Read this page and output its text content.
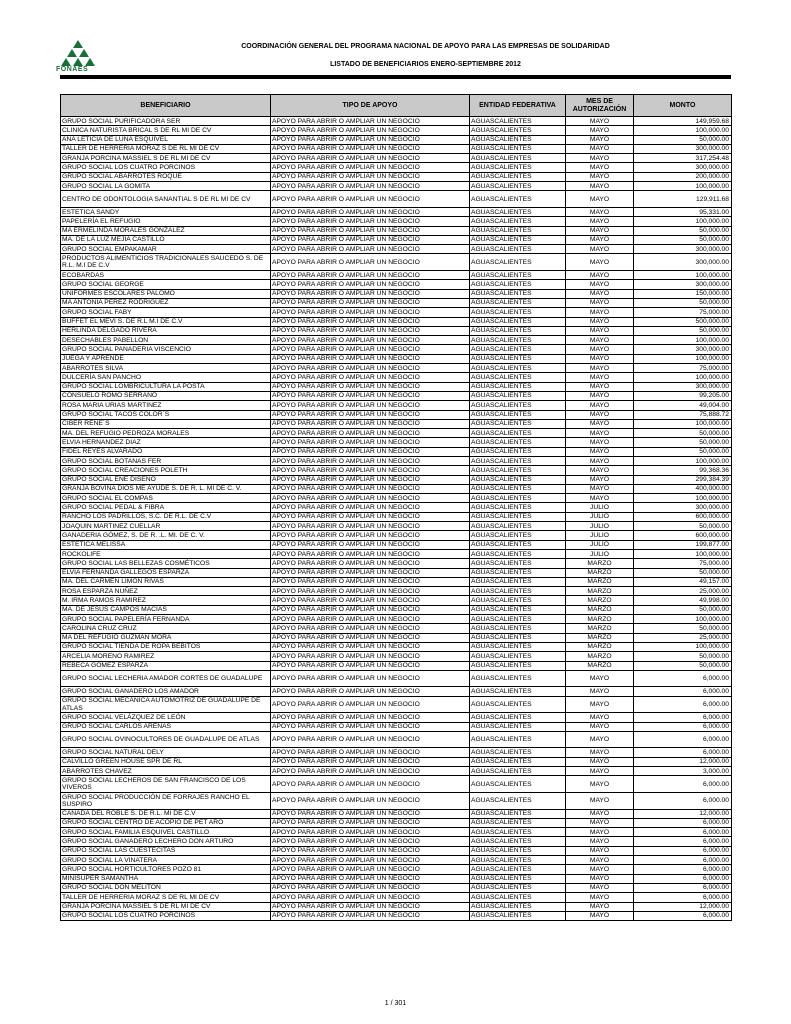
FONAES
COORDINACIÓN GENERAL DEL PROGRAMA NACIONAL DE APOYO PARA LAS EMPRESAS DE SOLIDARIDAD
LISTADO DE BENEFICIARIOS ENERO-SEPTIEMBRE 2012
BENEFICIARIO	TIPO DE APOYO	ENTIDAD FEDERATIVA	MES DE AUTORIZACIÓN	MONTO
GRUPO SOCIAL PURIFICADORA SER	APOYO PARA ABRIR O AMPLIAR UN NEGOCIO	AGUASCALIENTES	MAYO	149,959.68
CLINICA NATURISTA BRICAL S DE RL MI DE CV	APOYO PARA ABRIR O AMPLIAR UN NEGOCIO	AGUASCALIENTES	MAYO	100,000.00
ANA LETICIA DE LUNA ESQUIVEL	APOYO PARA ABRIR O AMPLIAR UN NEGOCIO	AGUASCALIENTES	MAYO	50,000.00
TALLER DE HERRERIA MORAZ S DE RL MI DE CV	APOYO PARA ABRIR O AMPLIAR UN NEGOCIO	AGUASCALIENTES	MAYO	300,000.00
GRANJA PORCINA MASSIEL S DE RL MI DE CV	APOYO PARA ABRIR O AMPLIAR UN NEGOCIO	AGUASCALIENTES	MAYO	317,254.48
GRUPO SOCIAL LOS CUATRO PORCINOS	APOYO PARA ABRIR O AMPLIAR UN NEGOCIO	AGUASCALIENTES	MAYO	300,000.00
GRUPO SOCIAL ABARROTES ROQUE	APOYO PARA ABRIR O AMPLIAR UN NEGOCIO	AGUASCALIENTES	MAYO	200,000.00
GRUPO SOCIAL LA GOMITA	APOYO PARA ABRIR O AMPLIAR UN NEGOCIO	AGUASCALIENTES	MAYO	100,000.00
CENTRO DE ODONTOLOGIA SANANTIAL S DE RL MI DE CV	APOYO PARA ABRIR O AMPLIAR UN NEGOCIO	AGUASCALIENTES	MAYO	129,911.68
ESTETICA SANDY	APOYO PARA ABRIR O AMPLIAR UN NEGOCIO	AGUASCALIENTES	MAYO	95,331.00
PAPELERÍA EL REFUGIO	APOYO PARA ABRIR O AMPLIAR UN NEGOCIO	AGUASCALIENTES	MAYO	100,000.00
MA ERMELINDA MORALES GONZALEZ	APOYO PARA ABRIR O AMPLIAR UN NEGOCIO	AGUASCALIENTES	MAYO	50,000.00
MA. DE LA LUZ MEJIA CASTILLO	APOYO PARA ABRIR O AMPLIAR UN NEGOCIO	AGUASCALIENTES	MAYO	50,000.00
GRUPO SOCIAL EMPAKAMAR	APOYO PARA ABRIR O AMPLIAR UN NEGOCIO	AGUASCALIENTES	MAYO	300,000.00
PRODUCTOS ALIMENTICIOS TRADICIONALES SAUCEDO S. DE R.L. M.I DE C.V	APOYO PARA ABRIR O AMPLIAR UN NEGOCIO	AGUASCALIENTES	MAYO	300,000.00
ECOBARDAS	APOYO PARA ABRIR O AMPLIAR UN NEGOCIO	AGUASCALIENTES	MAYO	100,000.00
GRUPO SOCIAL GEORGE	APOYO PARA ABRIR O AMPLIAR UN NEGOCIO	AGUASCALIENTES	MAYO	300,000.00
UNIFORMES ESCOLARES PALOMO	APOYO PARA ABRIR O AMPLIAR UN NEGOCIO	AGUASCALIENTES	MAYO	150,000.00
MA ANTONIA PEREZ RODRIGUEZ	APOYO PARA ABRIR O AMPLIAR UN NEGOCIO	AGUASCALIENTES	MAYO	50,000.00
GRUPO SOCIAL FABY	APOYO PARA ABRIR O AMPLIAR UN NEGOCIO	AGUASCALIENTES	MAYO	75,000.00
BUFFET EL MEVI S. DE R.L M.I DE C.V	APOYO PARA ABRIR O AMPLIAR UN NEGOCIO	AGUASCALIENTES	MAYO	500,000.00
HERLINDA DELGADO RIVERA	APOYO PARA ABRIR O AMPLIAR UN NEGOCIO	AGUASCALIENTES	MAYO	50,000.00
DESECHABLES PABELLON	APOYO PARA ABRIR O AMPLIAR UN NEGOCIO	AGUASCALIENTES	MAYO	100,000.00
GRUPO SOCIAL PANADERIA VISCENCIO	APOYO PARA ABRIR O AMPLIAR UN NEGOCIO	AGUASCALIENTES	MAYO	300,000.00
JUEGA Y APRENDE	APOYO PARA ABRIR O AMPLIAR UN NEGOCIO	AGUASCALIENTES	MAYO	100,000.00
ABARROTES SILVA	APOYO PARA ABRIR O AMPLIAR UN NEGOCIO	AGUASCALIENTES	MAYO	75,000.00
DULCERÍA SAN PANCHO	APOYO PARA ABRIR O AMPLIAR UN NEGOCIO	AGUASCALIENTES	MAYO	100,000.00
GRUPO SOCIAL LOMBRICULTURA LA POSTA	APOYO PARA ABRIR O AMPLIAR UN NEGOCIO	AGUASCALIENTES	MAYO	300,000.00
CONSUELO ROMO SERRANO	APOYO PARA ABRIR O AMPLIAR UN NEGOCIO	AGUASCALIENTES	MAYO	99,205.00
ROSA MARIA URIAS MARTINEZ	APOYO PARA ABRIR O AMPLIAR UN NEGOCIO	AGUASCALIENTES	MAYO	49,004.00
GRUPO SOCIAL TACOS COLOR´S	APOYO PARA ABRIR O AMPLIAR UN NEGOCIO	AGUASCALIENTES	MAYO	75,888.72
CIBER RENE´S	APOYO PARA ABRIR O AMPLIAR UN NEGOCIO	AGUASCALIENTES	MAYO	100,000.00
MA. DEL REFUGIO PEDROZA MORALES	APOYO PARA ABRIR O AMPLIAR UN NEGOCIO	AGUASCALIENTES	MAYO	50,000.00
ELVIA HERNANDEZ DIAZ	APOYO PARA ABRIR O AMPLIAR UN NEGOCIO	AGUASCALIENTES	MAYO	50,000.00
FIDEL REYES ALVARADO	APOYO PARA ABRIR O AMPLIAR UN NEGOCIO	AGUASCALIENTES	MAYO	50,000.00
GRUPO SOCIAL BOTANAS FER	APOYO PARA ABRIR O AMPLIAR UN NEGOCIO	AGUASCALIENTES	MAYO	100,000.00
GRUPO SOCIAL CREACIONES POLETH	APOYO PARA ABRIR O AMPLIAR UN NEGOCIO	AGUASCALIENTES	MAYO	99,368.36
GRUPO SOCIAL ENE DISEÑO	APOYO PARA ABRIR O AMPLIAR UN NEGOCIO	AGUASCALIENTES	MAYO	299,384.39
GRANJA BOVINA DIOS ME AYUDE S. DE R. L. MI DE C. V.	APOYO PARA ABRIR O AMPLIAR UN NEGOCIO	AGUASCALIENTES	MAYO	400,000.00
GRUPO SOCIAL EL COMPAS	APOYO PARA ABRIR O AMPLIAR UN NEGOCIO	AGUASCALIENTES	MAYO	100,000.00
GRUPO SOCIAL PEDAL & FIBRA	APOYO PARA ABRIR O AMPLIAR UN NEGOCIO	AGUASCALIENTES	JULIO	300,000.00
RANCHO LOS PADRILLOS, S.C. DE R.L. DE C.V	APOYO PARA ABRIR O AMPLIAR UN NEGOCIO	AGUASCALIENTES	JULIO	600,000.00
JOAQUIN MARTINEZ CUELLAR	APOYO PARA ABRIR O AMPLIAR UN NEGOCIO	AGUASCALIENTES	JULIO	50,000.00
GANADERIA GÓMEZ, S. DE R. .L. MI. DE C. V.	APOYO PARA ABRIR O AMPLIAR UN NEGOCIO	AGUASCALIENTES	JULIO	600,000.00
ESTETICA MELISSA	APOYO PARA ABRIR O AMPLIAR UN NEGOCIO	AGUASCALIENTES	JULIO	199,877.00
ROCKOLIFE	APOYO PARA ABRIR O AMPLIAR UN NEGOCIO	AGUASCALIENTES	JULIO	100,000.00
GRUPO SOCIAL LAS BELLEZAS COSMÉTICOS	APOYO PARA ABRIR O AMPLIAR UN NEGOCIO	AGUASCALIENTES	MARZO	75,000.00
ELVIA FERNANDA GALLEGOS ESPARZA	APOYO PARA ABRIR O AMPLIAR UN NEGOCIO	AGUASCALIENTES	MARZO	50,000.00
MA. DEL CARMEN LIMON RIVAS	APOYO PARA ABRIR O AMPLIAR UN NEGOCIO	AGUASCALIENTES	MARZO	49,157.00
ROSA ESPARZA NUÑEZ	APOYO PARA ABRIR O AMPLIAR UN NEGOCIO	AGUASCALIENTES	MARZO	25,000.00
M. IRMA RAMOS RAMIREZ	APOYO PARA ABRIR O AMPLIAR UN NEGOCIO	AGUASCALIENTES	MARZO	49,998.00
MA. DE JESUS CAMPOS MACIAS	APOYO PARA ABRIR O AMPLIAR UN NEGOCIO	AGUASCALIENTES	MARZO	50,000.00
GRUPO SOCIAL PAPELERÍA FERNANDA	APOYO PARA ABRIR O AMPLIAR UN NEGOCIO	AGUASCALIENTES	MARZO	100,000.00
CAROLINA CRUZ CRUZ	APOYO PARA ABRIR O AMPLIAR UN NEGOCIO	AGUASCALIENTES	MARZO	50,000.00
MA DEL REFUGIO GUZMAN MORA	APOYO PARA ABRIR O AMPLIAR UN NEGOCIO	AGUASCALIENTES	MARZO	25,000.00
GRUPO SOCIAL TIENDA DE ROPA BEBITOS	APOYO PARA ABRIR O AMPLIAR UN NEGOCIO	AGUASCALIENTES	MARZO	100,000.00
ARCELIA MORENO RAMIREZ	APOYO PARA ABRIR O AMPLIAR UN NEGOCIO	AGUASCALIENTES	MARZO	50,000.00
REBECA GOMEZ ESPARZA	APOYO PARA ABRIR O AMPLIAR UN NEGOCIO	AGUASCALIENTES	MARZO	50,000.00
GRUPO SOCIAL LECHERIA AMADOR CORTES DE GUADALUPE	APOYO PARA ABRIR O AMPLIAR UN NEGOCIO	AGUASCALIENTES	MAYO	6,000.00
GRUPO SOCIAL GANADERO LOS AMADOR	APOYO PARA ABRIR O AMPLIAR UN NEGOCIO	AGUASCALIENTES	MAYO	6,000.00
GRUPO SOCIAL MECÁNICA AUTOMOTRIZ DE GUADALUPE DE ATLAS	APOYO PARA ABRIR O AMPLIAR UN NEGOCIO	AGUASCALIENTES	MAYO	6,000.00
GRUPO SOCIAL VELÁZQUEZ DE LEÓN	APOYO PARA ABRIR O AMPLIAR UN NEGOCIO	AGUASCALIENTES	MAYO	6,000.00
GRUPO SOCIAL CARLOS ARENAS	APOYO PARA ABRIR O AMPLIAR UN NEGOCIO	AGUASCALIENTES	MAYO	6,000.00
GRUPO SOCIAL OVINOCULTORES DE GUADALUPE DE ATLAS	APOYO PARA ABRIR O AMPLIAR UN NEGOCIO	AGUASCALIENTES	MAYO	6,000.00
GRUPO SOCIAL NATURAL DELY	APOYO PARA ABRIR O AMPLIAR UN NEGOCIO	AGUASCALIENTES	MAYO	6,000.00
CALVILLO GREEN HOUSE SPR DE RL	APOYO PARA ABRIR O AMPLIAR UN NEGOCIO	AGUASCALIENTES	MAYO	12,000.00
ABARROTES CHAVEZ	APOYO PARA ABRIR O AMPLIAR UN NEGOCIO	AGUASCALIENTES	MAYO	3,000.00
GRUPO SOCIAL LECHEROS DE SAN FRANCISCO DE LOS VIVEROS	APOYO PARA ABRIR O AMPLIAR UN NEGOCIO	AGUASCALIENTES	MAYO	6,000.00
GRUPO SOCIAL PRODUCCIÓN DE FORRAJES RANCHO EL SUSPIRO	APOYO PARA ABRIR O AMPLIAR UN NEGOCIO	AGUASCALIENTES	MAYO	6,000.00
CAÑADA DEL ROBLE S. DE R.L. MI DE C.V	APOYO PARA ABRIR O AMPLIAR UN NEGOCIO	AGUASCALIENTES	MAYO	12,000.00
GRUPO SOCIAL CENTRO DE ACOPIO DE PET ARO	APOYO PARA ABRIR O AMPLIAR UN NEGOCIO	AGUASCALIENTES	MAYO	6,000.00
GRUPO SOCIAL FAMILIA ESQUIVEL CASTILLO	APOYO PARA ABRIR O AMPLIAR UN NEGOCIO	AGUASCALIENTES	MAYO	6,000.00
GRUPO SOCIAL GANADERO LECHERO DON ARTURO	APOYO PARA ABRIR O AMPLIAR UN NEGOCIO	AGUASCALIENTES	MAYO	6,000.00
GRUPO SOCIAL LAS CUESTECITAS	APOYO PARA ABRIR O AMPLIAR UN NEGOCIO	AGUASCALIENTES	MAYO	6,000.00
GRUPO SOCIAL LA VINATERA	APOYO PARA ABRIR O AMPLIAR UN NEGOCIO	AGUASCALIENTES	MAYO	6,000.00
GRUPO SOCIAL HORTICULTORES POZO 81	APOYO PARA ABRIR O AMPLIAR UN NEGOCIO	AGUASCALIENTES	MAYO	6,000.00
MINISUPER SAMANTHA	APOYO PARA ABRIR O AMPLIAR UN NEGOCIO	AGUASCALIENTES	MAYO	6,000.00
GRUPO SOCIAL DON MELITON	APOYO PARA ABRIR O AMPLIAR UN NEGOCIO	AGUASCALIENTES	MAYO	6,000.00
TALLER DE HERRERIA MORAZ S DE RL MI DE CV	APOYO PARA ABRIR O AMPLIAR UN NEGOCIO	AGUASCALIENTES	MAYO	6,000.00
GRANJA PORCINA MASSIEL S DE RL MI DE CV	APOYO PARA ABRIR O AMPLIAR UN NEGOCIO	AGUASCALIENTES	MAYO	12,000.00
GRUPO SOCIAL LOS CUATRO PORCINOS	APOYO PARA ABRIR O AMPLIAR UN NEGOCIO	AGUASCALIENTES	MAYO	6,000.00
1 / 301
